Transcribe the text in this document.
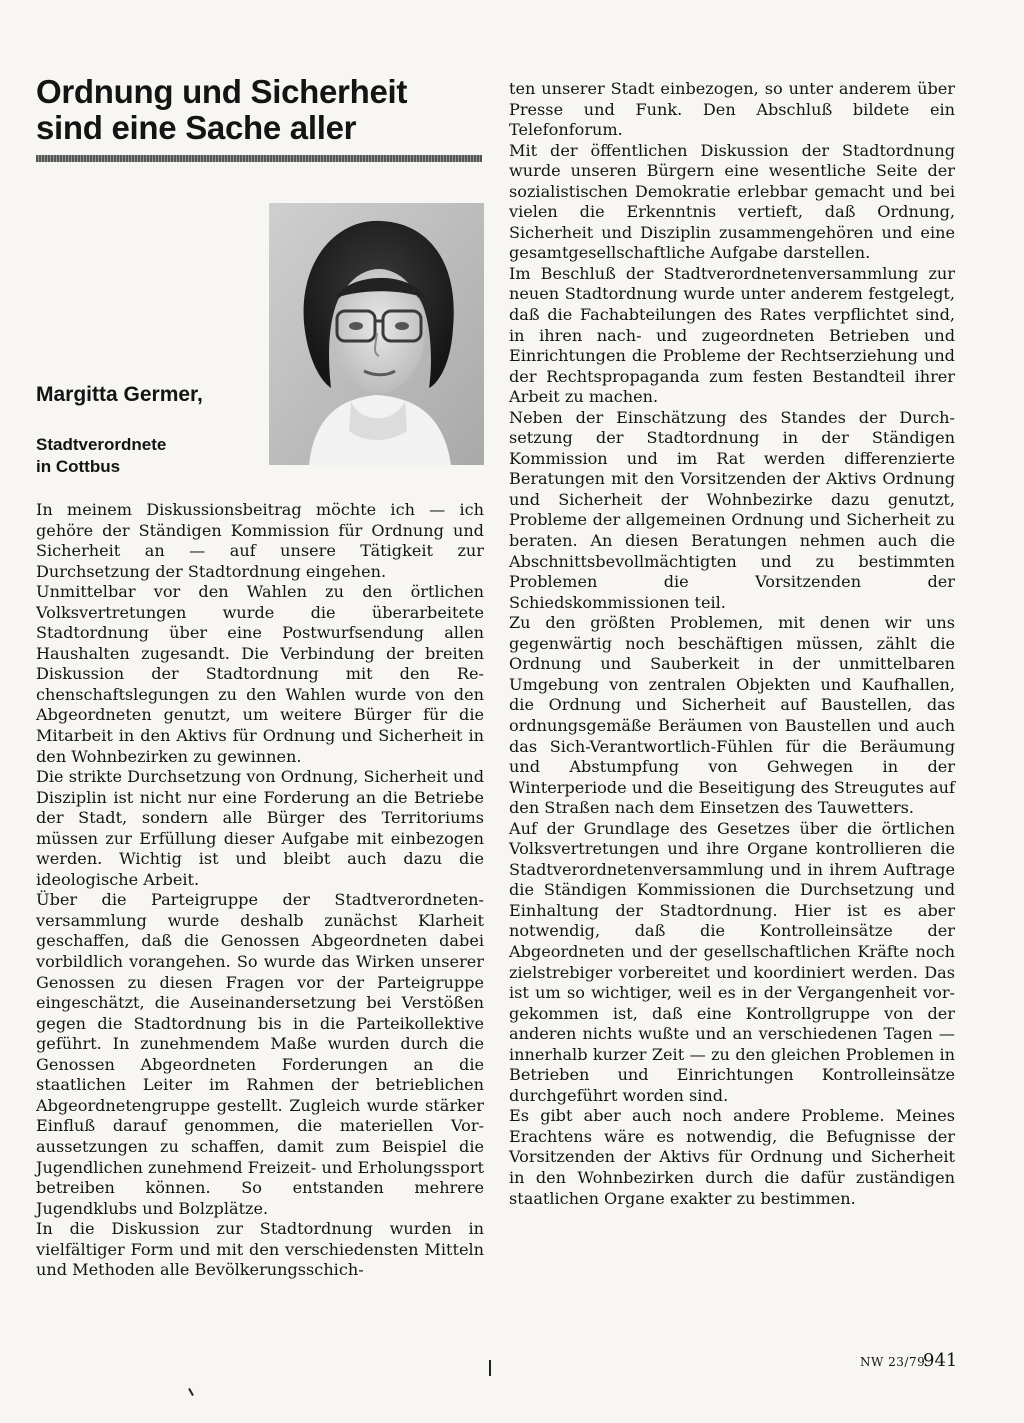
Ordnung und Sicherheit
sind eine Sache aller
Margitta Germer,
Stadtverordnete
in Cottbus

In meinem Diskussionsbeitrag möchte ich — ich gehöre der Ständigen Kommission für Ordnung und Sicherheit an — auf unsere Tätigkeit zur Durchsetzung der Stadtordnung eingehen.

Unmittelbar vor den Wahlen zu den örtlichen Volksvertretungen wurde die überarbeitete Stadtordnung über eine Postwurfsendung allen Haushalten zugesandt. Die Verbindung der breiten Diskussion der Stadtordnung mit den Rechenschaftslegungen zu den Wahlen wurde von den Abgeordneten genutzt, um weitere Bürger für die Mitarbeit in den Aktivs für Ordnung und Sicherheit in den Wohnbezirken zu gewinnen.

Die strikte Durchsetzung von Ordnung, Sicherheit und Disziplin ist nicht nur eine Forderung an die Betriebe der Stadt, sondern alle Bürger des Territoriums müssen zur Erfüllung dieser Aufgabe mit einbezogen werden. Wichtig ist und bleibt auch dazu die ideologische Arbeit.

Über die Parteigruppe der Stadtverordnetenversammlung wurde deshalb zunächst Klarheit geschaffen, daß die Genossen Abgeordneten dabei vorbildlich vorangehen. So wurde das Wirken unserer Genossen zu diesen Fragen vor der Parteigruppe eingeschätzt, die Auseinandersetzung bei Verstößen gegen die Stadtordnung bis in die Parteikollektive geführt. In zunehmendem Maße wurden durch die Genossen Abgeordneten Forderungen an die staatlichen Leiter im Rahmen der betrieblichen Abgeordnetengruppe gestellt. Zugleich wurde stärker Einfluß darauf genommen, die materiellen Voraussetzungen zu schaffen, damit zum Beispiel die Jugendlichen zunehmend Freizeit- und Erholungssport betreiben können. So entstanden mehrere Jugendklubs und Bolzplätze.

In die Diskussion zur Stadtordnung wurden in vielfältiger Form und mit den verschiedensten Mitteln und Methoden alle Bevölkerungsschich-

ten unserer Stadt einbezogen, so unter anderem über Presse und Funk. Den Abschluß bildete ein Telefonforum.

Mit der öffentlichen Diskussion der Stadtordnung wurde unseren Bürgern eine wesentliche Seite der sozialistischen Demokratie erlebbar gemacht und bei vielen die Erkenntnis vertieft, daß Ordnung, Sicherheit und Disziplin zusammengehören und eine gesamtgesellschaftliche Aufgabe darstellen.

Im Beschluß der Stadtverordnetenversammlung zur neuen Stadtordnung wurde unter anderem festgelegt, daß die Fachabteilungen des Rates verpflichtet sind, in ihren nach- und zugeordneten Betrieben und Einrichtungen die Probleme der Rechtserziehung und der Rechtspropaganda zum festen Bestandteil ihrer Arbeit zu machen.

Neben der Einschätzung des Standes der Durchsetzung der Stadtordnung in der Ständigen Kommission und im Rat werden differenzierte Beratungen mit den Vorsitzenden der Aktivs Ordnung und Sicherheit der Wohnbezirke dazu genutzt, Probleme der allgemeinen Ordnung und Sicherheit zu beraten. An diesen Beratungen nehmen auch die Abschnittsbevollmächtigten und zu bestimmten Problemen die Vorsitzenden der Schiedskommissionen teil.

Zu den größten Problemen, mit denen wir uns gegenwärtig noch beschäftigen müssen, zählt die Ordnung und Sauberkeit in der unmittelbaren Umgebung von zentralen Objekten und Kaufhallen, die Ordnung und Sicherheit auf Baustellen, das ordnungsgemäße Beräumen von Baustellen und auch das Sich-Verantwortlich-Fühlen für die Beräumung und Abstumpfung von Gehwegen in der Winterperiode und die Beseitigung des Streugutes auf den Straßen nach dem Einsetzen des Tauwetters.

Auf der Grundlage des Gesetzes über die örtlichen Volksvertretungen und ihre Organe kontrollieren die Stadtverordnetenversammlung und in ihrem Auftrage die Ständigen Kommissionen die Durchsetzung und Einhaltung der Stadtordnung. Hier ist es aber notwendig, daß die Kontrolleinsätze der Abgeordneten und der gesellschaftlichen Kräfte noch zielstrebiger vorbereitet und koordiniert werden. Das ist um so wichtiger, weil es in der Vergangenheit vorgekommen ist, daß eine Kontrollgruppe von der anderen nichts wußte und an verschiedenen Tagen — innerhalb kurzer Zeit — zu den gleichen Problemen in Betrieben und Einrichtungen Kontrolleinsätze durchgeführt worden sind.

Es gibt aber auch noch andere Probleme. Meines Erachtens wäre es notwendig, die Befugnisse der Vorsitzenden der Aktivs für Ordnung und Sicherheit in den Wohnbezirken durch die dafür zuständigen staatlichen Organe exakter zu bestimmen.

NW 23/79
941
